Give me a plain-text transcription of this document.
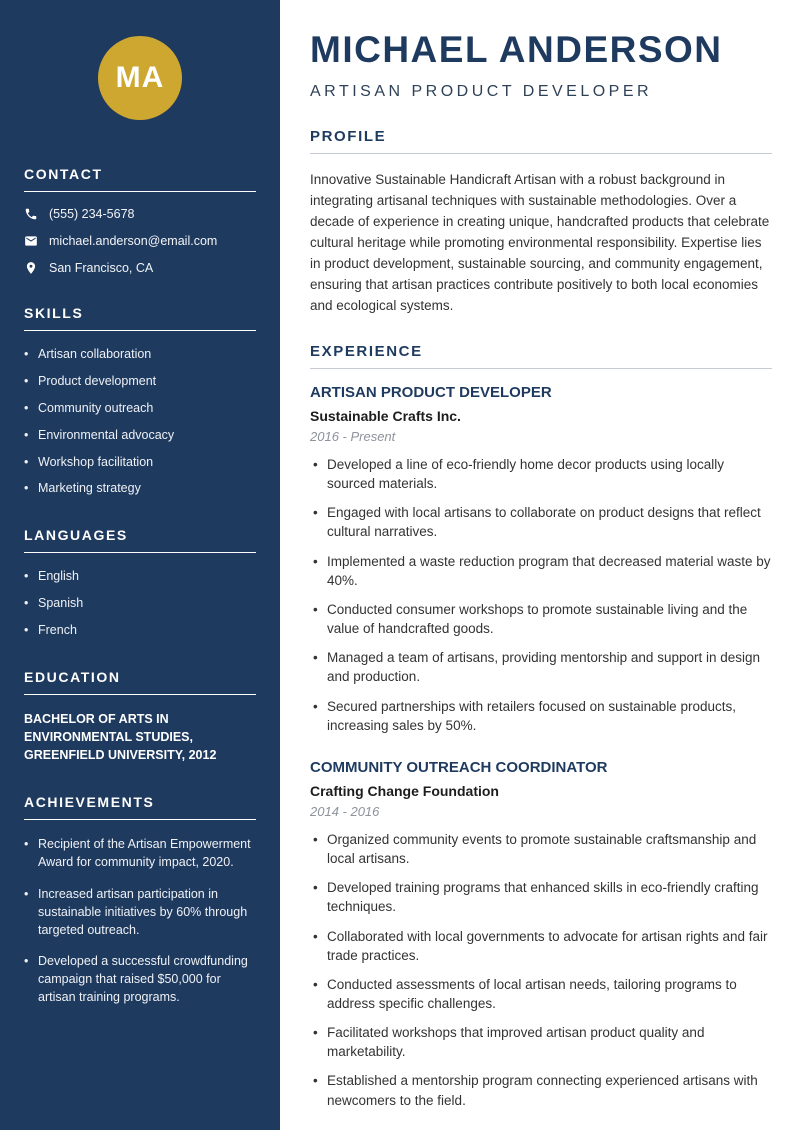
MA
CONTACT
(555) 234-5678
michael.anderson@email.com
San Francisco, CA
SKILLS
• Artisan collaboration
• Product development
• Community outreach
• Environmental advocacy
• Workshop facilitation
• Marketing strategy
LANGUAGES
• English
• Spanish
• French
EDUCATION
BACHELOR OF ARTS IN ENVIRONMENTAL STUDIES, GREENFIELD UNIVERSITY, 2012
ACHIEVEMENTS
• Recipient of the Artisan Empowerment Award for community impact, 2020.
• Increased artisan participation in sustainable initiatives by 60% through targeted outreach.
• Developed a successful crowdfunding campaign that raised $50,000 for artisan training programs.
MICHAEL ANDERSON
ARTISAN PRODUCT DEVELOPER
PROFILE

Innovative Sustainable Handicraft Artisan with a robust background in integrating artisanal techniques with sustainable methodologies. Over a decade of experience in creating unique, handcrafted products that celebrate cultural heritage while promoting environmental responsibility. Expertise lies in product development, sustainable sourcing, and community engagement, ensuring that artisan practices contribute positively to both local economies and ecological systems.

EXPERIENCE
ARTISAN PRODUCT DEVELOPER
Sustainable Crafts Inc.
2016 - Present
• Developed a line of eco-friendly home decor products using locally sourced materials.
• Engaged with local artisans to collaborate on product designs that reflect cultural narratives.
• Implemented a waste reduction program that decreased material waste by 40%.
• Conducted consumer workshops to promote sustainable living and the value of handcrafted goods.
• Managed a team of artisans, providing mentorship and support in design and production.
• Secured partnerships with retailers focused on sustainable products, increasing sales by 50%.
COMMUNITY OUTREACH COORDINATOR
Crafting Change Foundation
2014 - 2016
• Organized community events to promote sustainable craftsmanship and local artisans.
• Developed training programs that enhanced skills in eco-friendly crafting techniques.
• Collaborated with local governments to advocate for artisan rights and fair trade practices.
• Conducted assessments of local artisan needs, tailoring programs to address specific challenges.
• Facilitated workshops that improved artisan product quality and marketability.
• Established a mentorship program connecting experienced artisans with newcomers to the field.
